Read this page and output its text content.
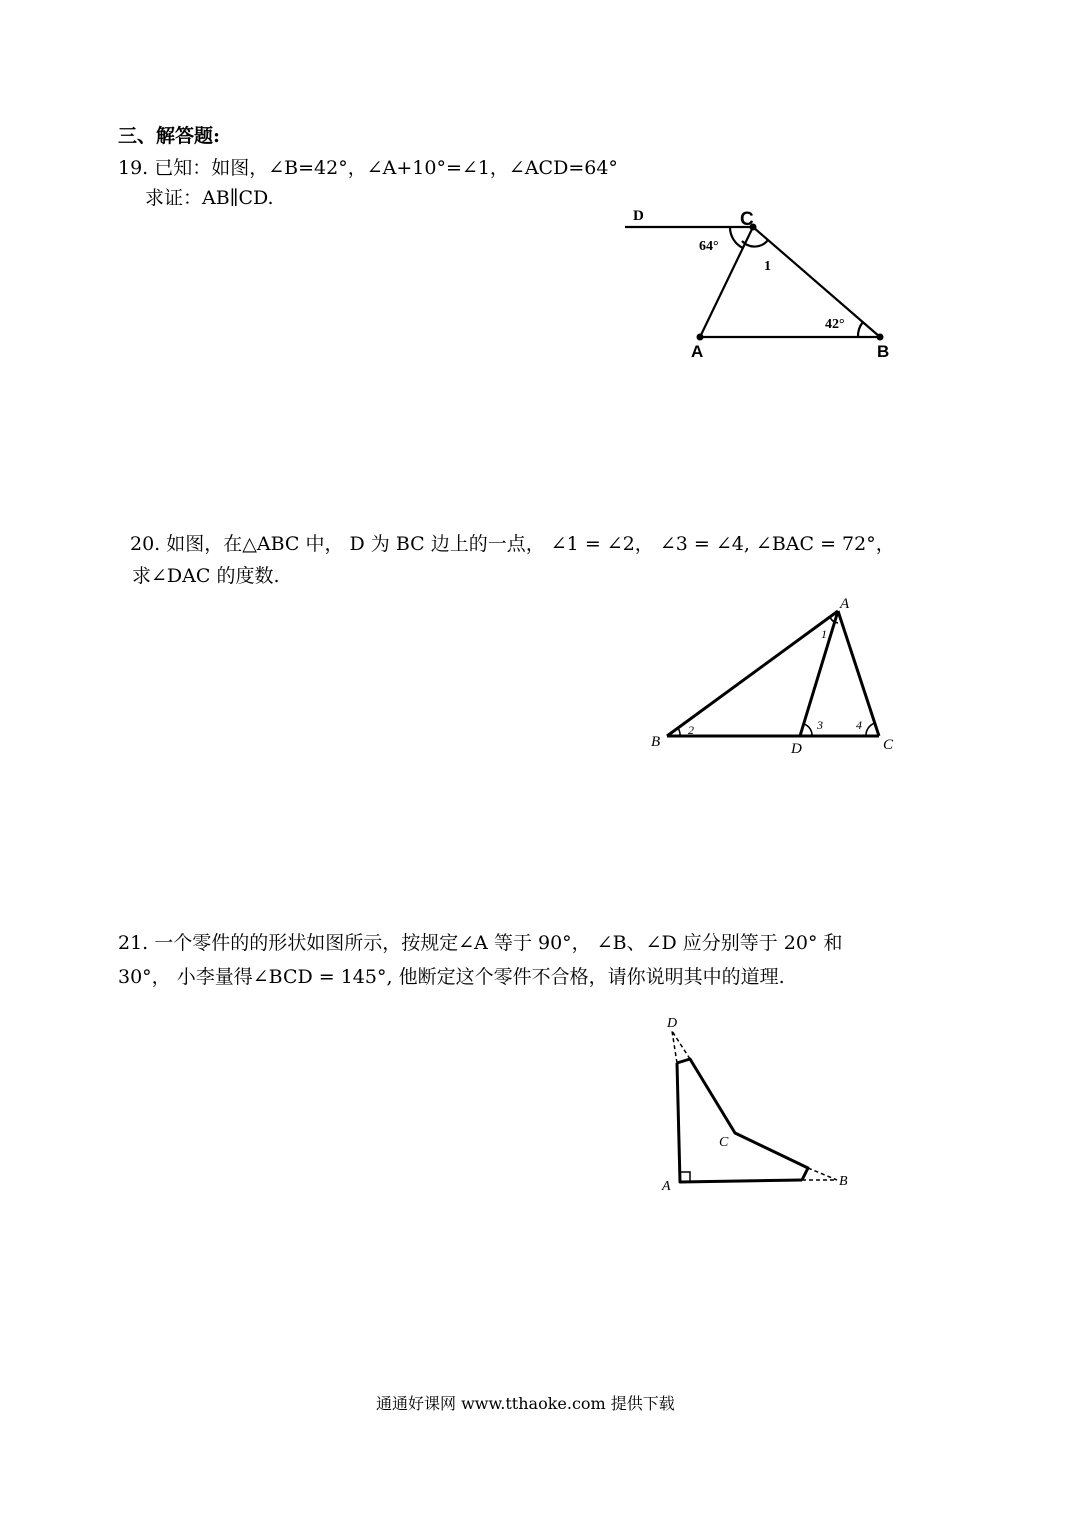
三、解答题:
19. 已知：如图，∠B=42°，∠A+10°=∠1，∠ACD=64°
求证：AB∥CD.
D	C
A	B
64°
1
42°
20. 如图，在△ABC 中， D 为 BC 边上的一点， ∠1 = ∠2， ∠3 = ∠4, ∠BAC = 72°，
求∠DAC 的度数.
A
B	C
D
1
2	3	4
21. 一个零件的的形状如图所示，按规定∠A 等于 90°， ∠B、∠D 应分别等于 20° 和
30°， 小李量得∠BCD = 145°, 他断定这个零件不合格，请你说明其中的道理.
D
A	B
C
通通好课网 www.tthaoke.com 提供下载
